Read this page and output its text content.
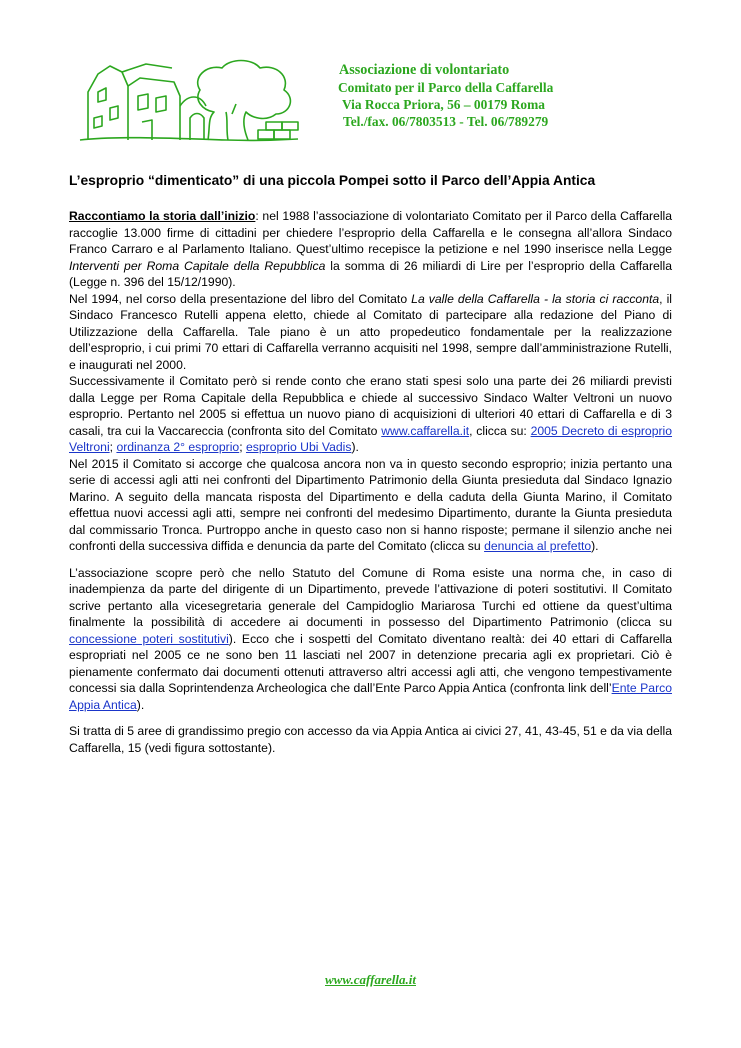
Associazione di volontariato
Comitato per il Parco della Caffarella
Via Rocca Priora, 56 – 00179 Roma
Tel./fax. 06/7803513 - Tel. 06/789279
L’esproprio “dimenticato” di una piccola Pompei sotto il Parco dell’Appia Antica

Raccontiamo la storia dall’inizio: nel 1988 l’associazione di volontariato Comitato per il Parco della Caffarella raccoglie 13.000 firme di cittadini per chiedere l’esproprio della Caffarella e le consegna all’allora Sindaco Franco Carraro e al Parlamento Italiano. Quest’ultimo recepisce la petizione e nel 1990 inserisce nella Legge Interventi per Roma Capitale della Repubblica la somma di 26 miliardi di Lire per l’esproprio della Caffarella (Legge n. 396 del 15/12/1990).

Nel 1994, nel corso della presentazione del libro del Comitato La valle della Caffarella - la storia ci racconta, il Sindaco Francesco Rutelli appena eletto, chiede al Comitato di partecipare alla redazione del Piano di Utilizzazione della Caffarella. Tale piano è un atto propedeutico fondamentale per la realizzazione dell’esproprio, i cui primi 70 ettari di Caffarella verranno acquisiti nel 1998, sempre dall’amministrazione Rutelli, e inaugurati nel 2000.

Successivamente il Comitato però si rende conto che erano stati spesi solo una parte dei 26 miliardi previsti dalla Legge per Roma Capitale della Repubblica e chiede al successivo Sindaco Walter Veltroni un nuovo esproprio. Pertanto nel 2005 si effettua un nuovo piano di acquisizioni di ulteriori 40 ettari di Caffarella e di 3 casali, tra cui la Vaccareccia (confronta sito del Comitato www.caffarella.it, clicca su: 2005 Decreto di esproprio Veltroni; ordinanza 2° esproprio; esproprio Ubi Vadis).

Nel 2015 il Comitato si accorge che qualcosa ancora non va in questo secondo esproprio; inizia pertanto una serie di accessi agli atti nei confronti del Dipartimento Patrimonio della Giunta presieduta dal Sindaco Ignazio Marino. A seguito della mancata risposta del Dipartimento e della caduta della Giunta Marino, il Comitato effettua nuovi accessi agli atti, sempre nei confronti del medesimo Dipartimento, durante la Giunta presieduta dal commissario Tronca. Purtroppo anche in questo caso non si hanno risposte; permane il silenzio anche nei confronti della successiva diffida e denuncia da parte del Comitato (clicca su denuncia al prefetto).

L’associazione scopre però che nello Statuto del Comune di Roma esiste una norma che, in caso di inadempienza da parte del dirigente di un Dipartimento, prevede l’attivazione di poteri sostitutivi. Il Comitato scrive pertanto alla vicesegretaria generale del Campidoglio Mariarosa Turchi ed ottiene da quest’ultima finalmente la possibilità di accedere ai documenti in possesso del Dipartimento Patrimonio (clicca su concessione poteri sostitutivi). Ecco che i sospetti del Comitato diventano realtà: dei 40 ettari di Caffarella espropriati nel 2005 ce ne sono ben 11 lasciati nel 2007 in detenzione precaria agli ex proprietari. Ciò è pienamente confermato dai documenti ottenuti attraverso altri accessi agli atti, che vengono tempestivamente concessi sia dalla Soprintendenza Archeologica che dall’Ente Parco Appia Antica (confronta link dell’Ente Parco Appia Antica).

Si tratta di 5 aree di grandissimo pregio con accesso da via Appia Antica ai civici 27, 41, 43-45, 51 e da via della Caffarella, 15 (vedi figura sottostante).

www.caffarella.it
